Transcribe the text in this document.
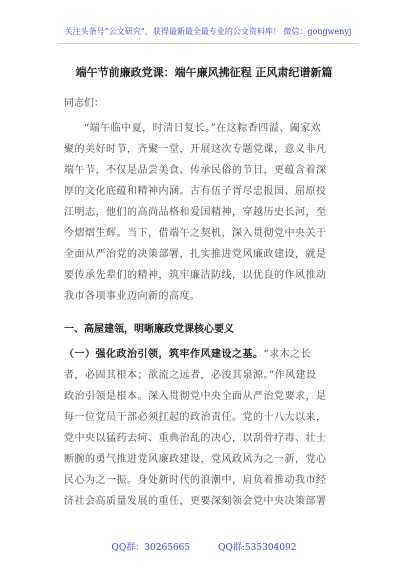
关注头条号“公文研究”，获得最新最全最专业的公文资料库！ 微信：gongwenyj
端午节前廉政党课：端午廉风拂征程 正风肃纪谱新篇
同志们：
“端午临中夏，时清日复长。”在这粽香四溢、阖家欢
聚的美好时节，齐聚一堂，开展这次专题党课，意义非凡
端午节，不仅是品尝美食、传承民俗的节日，更蕴含着深
厚的文化底蕴和精神内涵。古有伍子胥尽忠报国、屈原投
江明志，他们的高尚品格和爱国精神，穿越历史长河，至
今熠熠生辉。当下，借端午之契机，深入贯彻党中央关于
全面从严治党的决策部署，扎实推进党风廉政建设，就是
要传承先辈们的精神，筑牢廉洁防线，以优良的作风推动
我市各项事业迈向新的高度。
一、高屋建瓴，明晰廉政党课核心要义
（一）强化政治引领，筑牢作风建设之基。“求木之长
者，必固其根本；欲流之远者，必浚其泉源。”作风建设
政治引领是根本。深入贯彻党中央全面从严治党要求，是
每一位党员干部必须扛起的政治责任。党的十八大以来，
党中央以猛药去疴、重典治乱的决心，以刮骨疗毒、壮士
断腕的勇气推进党风廉政建设，党风政风为之一新，党心
民心为之一振。身处新时代的浪潮中，肩负着推动我市经
济社会高质量发展的重任，更要深刻领会党中央决策部署
QQ群：30265665	QQ群:535304092
